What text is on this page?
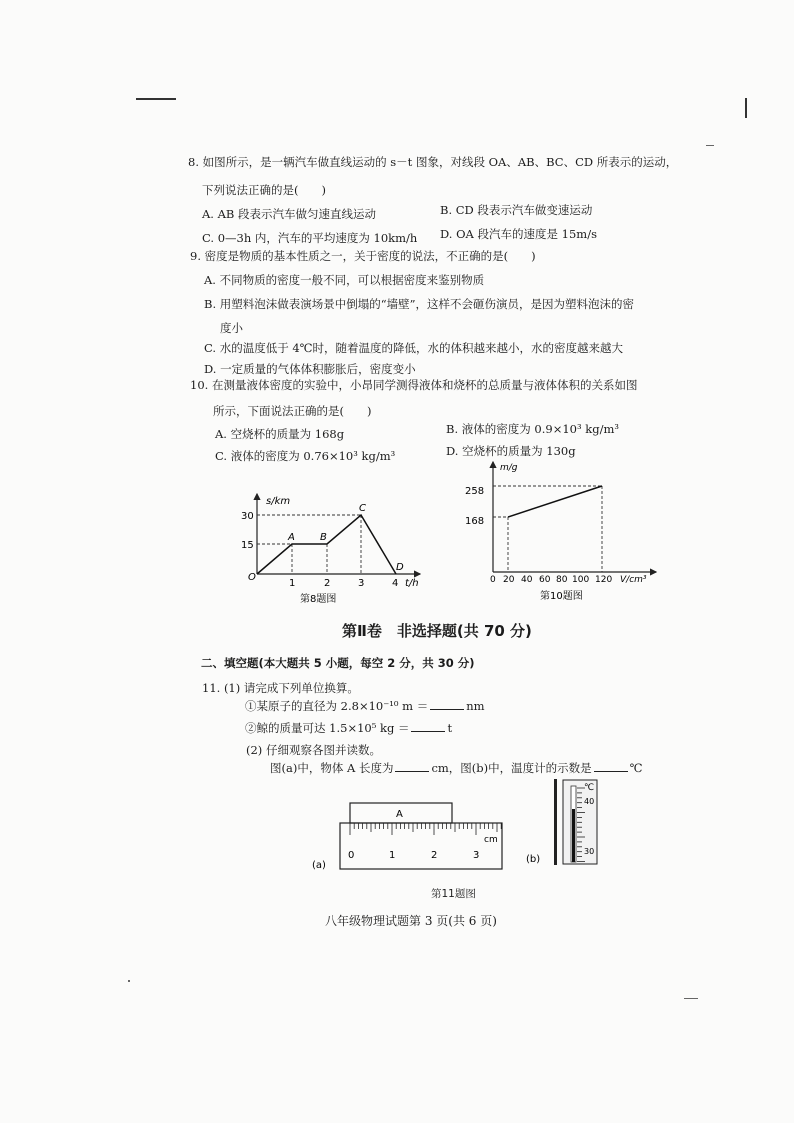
8. 如图所示，是一辆汽车做直线运动的 s－t 图象，对线段 OA、AB、BC、CD 所表示的运动，
下列说法正确的是(　　)
A. AB 段表示汽车做匀速直线运动	B. CD 段表示汽车做变速运动
C. 0—3h 内，汽车的平均速度为 10km/h D. OA 段汽车的速度是 15m/s
9. 密度是物质的基本性质之一，关于密度的说法，不正确的是(　　)
A. 不同物质的密度一般不同，可以根据密度来鉴别物质
B. 用塑料泡沫做表演场景中倒塌的“墙壁”，这样不会砸伤演员，是因为塑料泡沫的密
度小
C. 水的温度低于 4℃时，随着温度的降低，水的体积越来越小，水的密度越来越大
D. 一定质量的气体体积膨胀后，密度变小
10. 在测量液体密度的实验中，小昂同学测得液体和烧杯的总质量与液体体积的关系如图
所示，下面说法正确的是(　　)
A. 空烧杯的质量为 168g	B. 液体的密度为 0.9×10³ kg/m³
C. 液体的密度为 0.76×10³ kg/m³	D. 空烧杯的质量为 130g
s/km
30
15
O
1	2	3	4 t/h
A	B
C
D
第8题图
m/g
258
168
0 20 40 60 80 100 120 V/cm³
第10题图
第Ⅱ卷　非选择题(共 70 分)
二、填空题(本大题共 5 小题，每空 2 分，共 30 分)
11. (1) 请完成下列单位换算。
①某原子的直径为 2.8×10⁻¹⁰ m ＝	nm
②鲸的质量可达 1.5×10⁵ kg ＝	t
(2) 仔细观察各图并读数。
图(a)中，物体 A 长度为	cm，图(b)中，温度计的示数是	℃
A
0	1	2	3
cm
(a)
℃
40
30
(b)
第11题图
八年级物理试题第 3 页(共 6 页)
